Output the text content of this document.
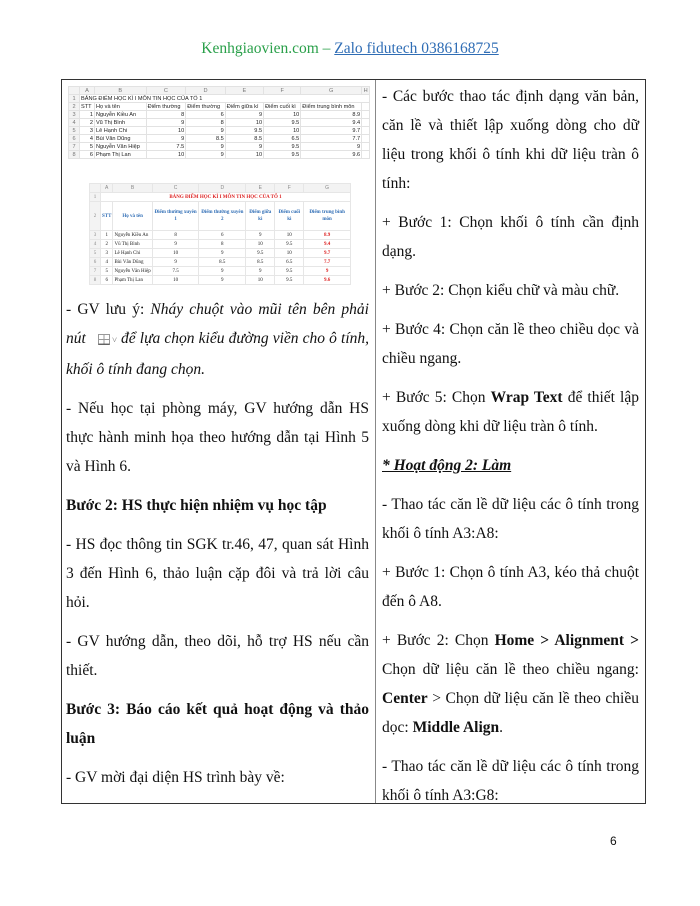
Kenhgiaovien.com – Zalo fidutech 0386168725
	A	B	C	D	E	F	G	H
1	BẢNG ĐIỂM HỌC KÌ I MÔN TIN HỌC CỦA TỔ 1							
2	STT	Họ và tên	Điểm thường	Điểm thường	Điểm giữa kì	Điểm cuối kì	Điểm trung bình môn	
3	1	Nguyễn Kiều An	8	6	9	10	8.9	
4	2	Vũ Thị Bình	9	8	10	9.5	9.4	
5	3	Lê Hạnh Chi	10	9	9.5	10	9.7	
6	4	Bùi Văn Dũng	9	8.5	8.5	6.5	7.7	
7	5	Nguyễn Văn Hiệp	7.5	9	9	9.5	9	
8	6	Phạm Thị Lan	10	9	10	9.5	9.6	
	A	B	C	D	E	F	G
1	BẢNG ĐIỂM HỌC KÌ I MÔN TIN HỌC CỦA TỔ 1						
2	STT	Họ và tên	Điểm thường xuyên 1	Điểm thường xuyên 2	Điểm giữa kì	Điểm cuối kì	Điểm trung bình môn
3	1	Nguyễn Kiều An	8	6	9	10	8.9
4	2	Vũ Thị Bình	9	8	10	9.5	9.4
5	3	Lê Hạnh Chi	10	9	9.5	10	9.7
6	4	Bùi Văn Dũng	9	8.5	8.5	6.5	7.7
7	5	Nguyễn Văn Hiệp	7.5	9	9	9.5	9
8	6	Phạm Thị Lan	10	9	10	9.5	9.6

- GV lưu ý: Nháy chuột vào mũi tên bên phải nút ˅ để lựa chọn kiểu đường viền cho ô tính, khối ô tính đang chọn.

- Nếu học tại phòng máy, GV hướng dẫn HS thực hành minh họa theo hướng dẫn tại Hình 5 và Hình 6.

Bước 2: HS thực hiện nhiệm vụ học tập

- HS đọc thông tin SGK tr.46, 47, quan sát Hình 3 đến Hình 6, thảo luận cặp đôi và trả lời câu hỏi.

- GV hướng dẫn, theo dõi, hỗ trợ HS nếu cần thiết.

Bước 3: Báo cáo kết quả hoạt động và thảo luận

- GV mời đại diện HS trình bày về:

- Các bước thao tác định dạng văn bản, căn lề và thiết lập xuống dòng cho dữ liệu trong khối ô tính khi dữ liệu tràn ô tính:

+ Bước 1: Chọn khối ô tính cần định dạng.

+ Bước 2: Chọn kiểu chữ và màu chữ.

+ Bước 4: Chọn căn lề theo chiều dọc và chiều ngang.

+ Bước 5: Chọn Wrap Text để thiết lập xuống dòng khi dữ liệu tràn ô tính.

* Hoạt động 2: Làm

- Thao tác căn lề dữ liệu các ô tính trong khối ô tính A3:A8:

+ Bước 1: Chọn ô tính A3, kéo thả chuột đến ô A8.

+ Bước 2: Chọn Home > Alignment > Chọn dữ liệu căn lề theo chiều ngang: Center > Chọn dữ liệu căn lề theo chiều dọc: Middle Align.

- Thao tác căn lề dữ liệu các ô tính trong khối ô tính A3:G8:

6
